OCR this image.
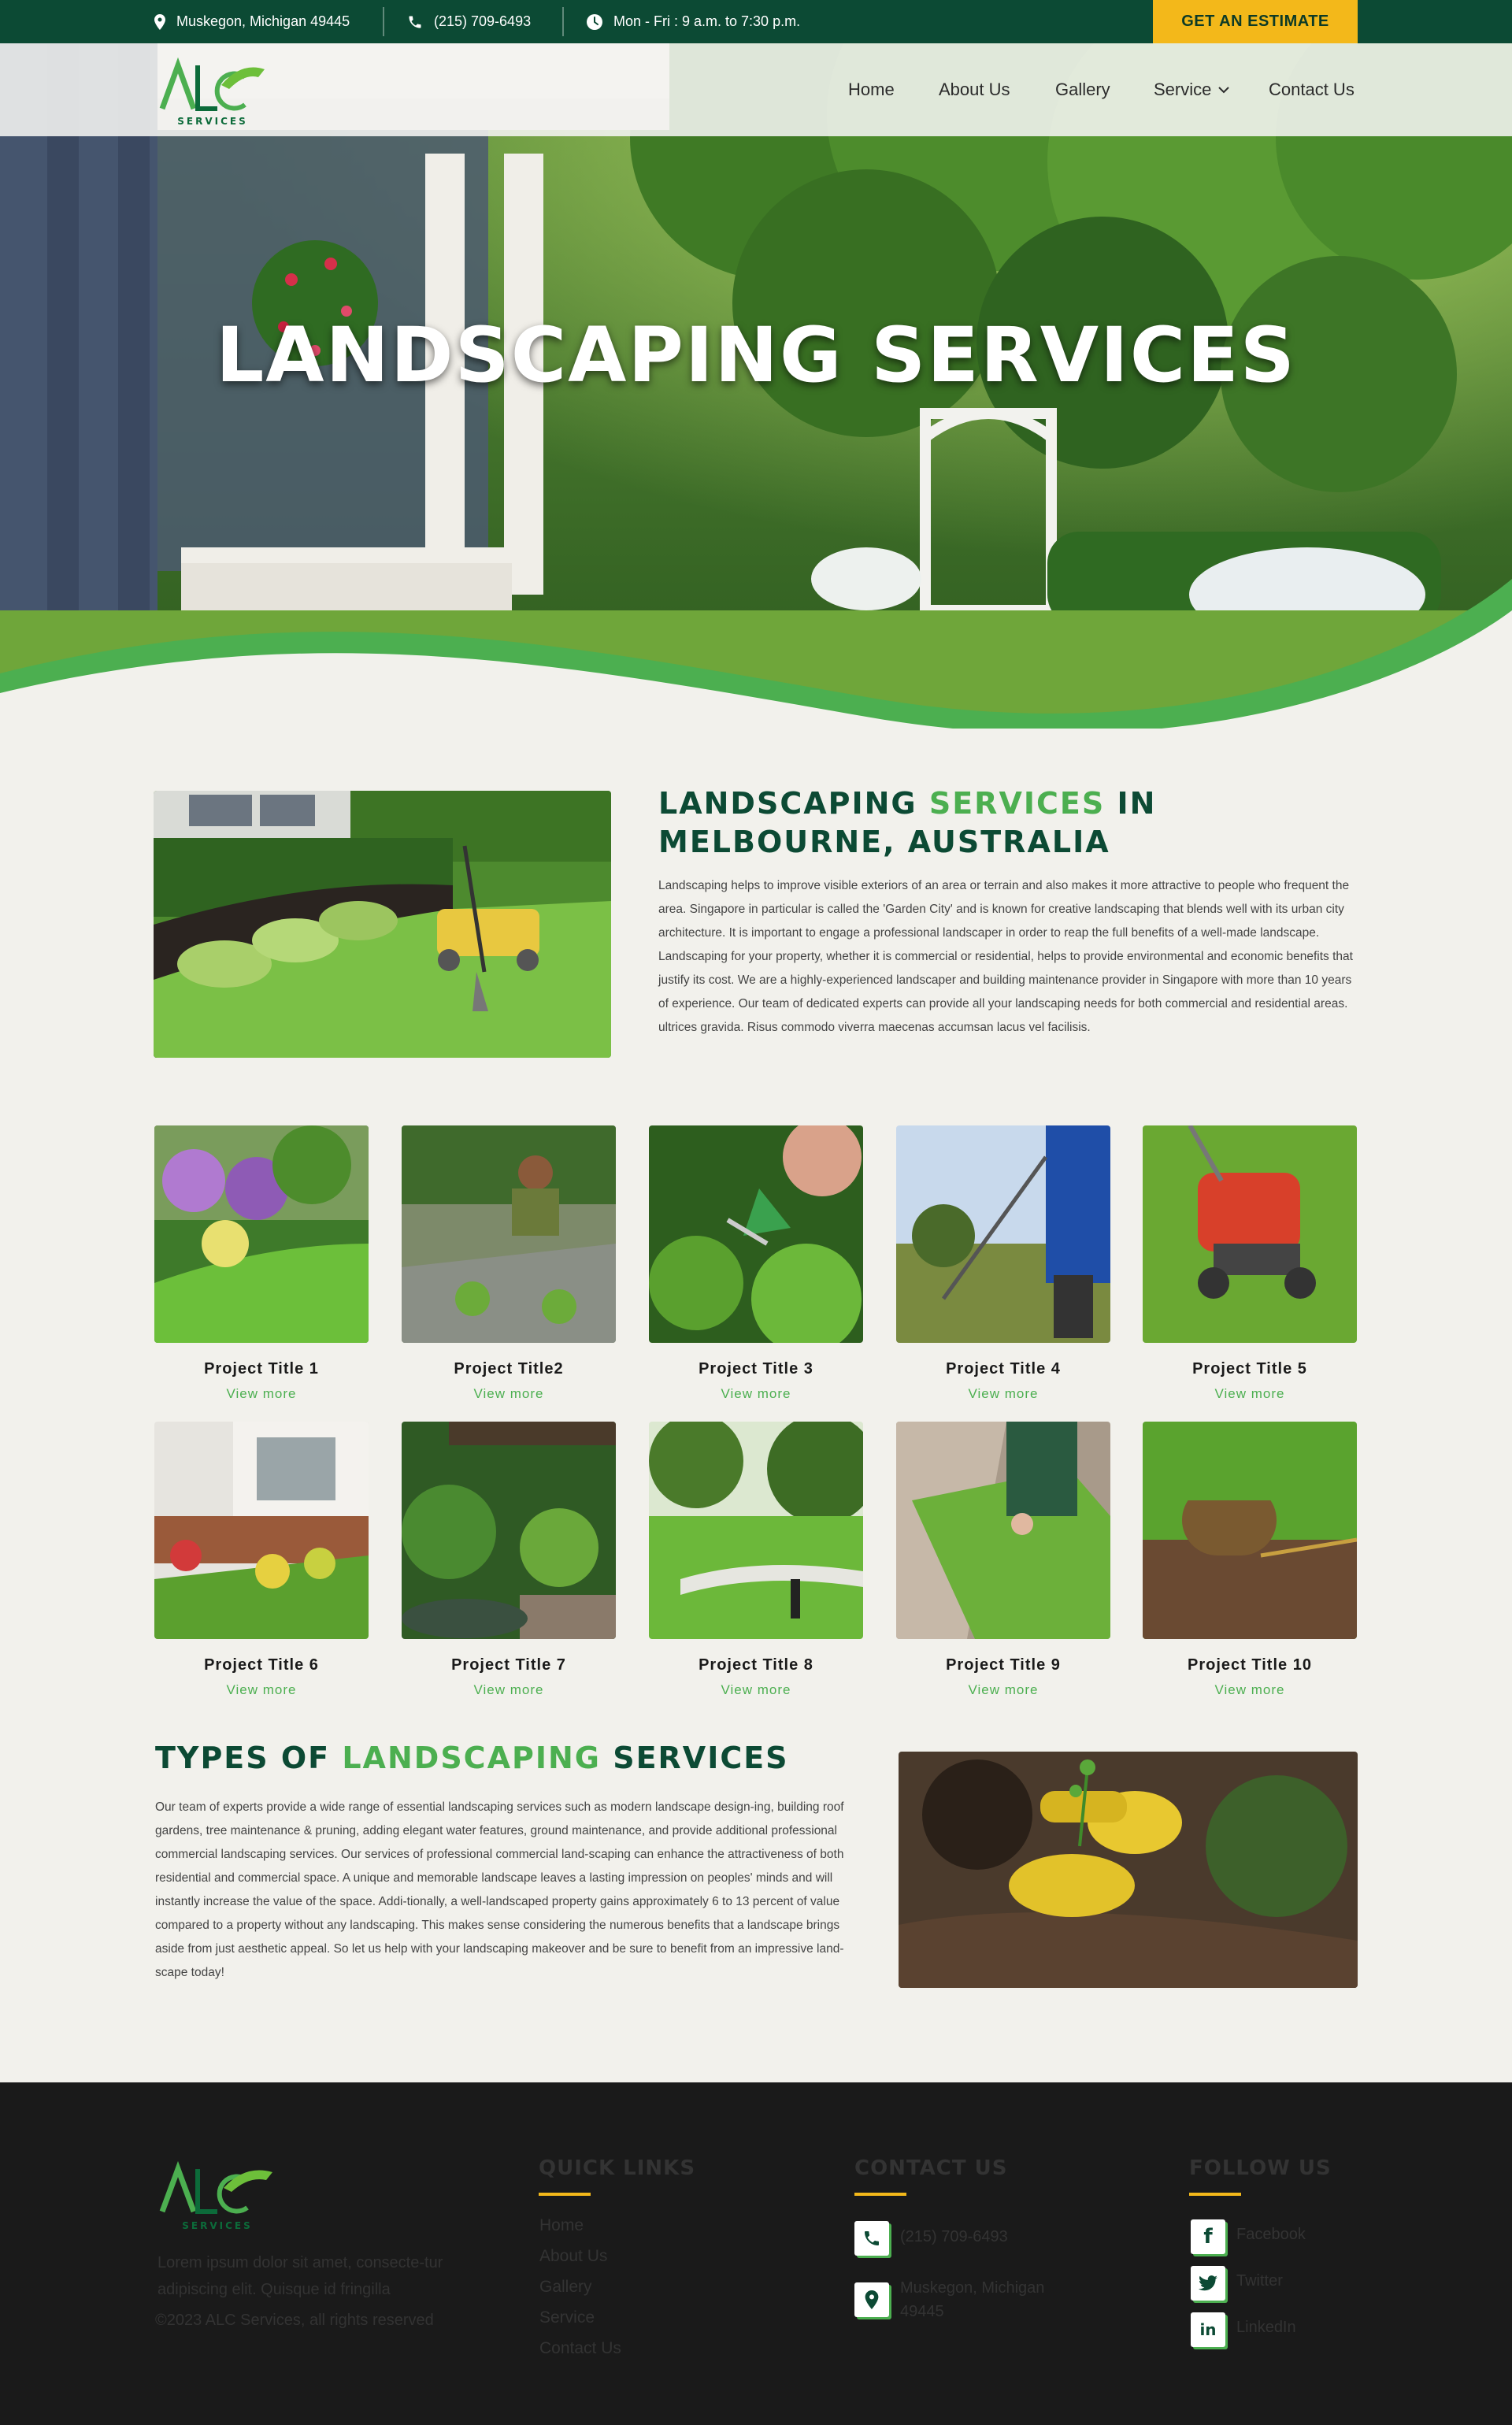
Muskegon, Michigan 49445	(215) 709-6493	Mon - Fri : 9 a.m. to 7:30 p.m.	GET AN ESTIMATE
SERVICES
Home	About Us	Gallery	Service	Contact Us
LANDSCAPING SERVICES
LANDSCAPING SERVICES IN
MELBOURNE, AUSTRALIA
Landscaping helps to improve visible exteriors of an area or terrain and also makes it more attractive to people who frequent the area. Singapore in particular is called the 'Garden City' and is known for creative landscaping that blends well with its urban city architecture. It is important to engage a professional landscaper in order to reap the full benefits of a well-made landscape. Landscaping for your property, whether it is commercial or residential, helps to provide environmental and economic benefits that justify its cost. We are a highly-experienced landscaper and building maintenance provider in Singapore with more than 10 years of experience. Our team of dedicated experts can provide all your landscaping needs for both commercial and residential areas. ultrices gravida. Risus commodo viverra maecenas accumsan lacus vel facilisis.
Project Title 1
View more
Project Title2
View more
Project Title 3
View more
Project Title 4
View more
Project Title 5
View more
Project Title 6
View more
Project Title 7
View more
Project Title 8
View more
Project Title 9
View more
Project Title 10
View more
TYPES OF LANDSCAPING SERVICES
Our team of experts provide a wide range of essential landscaping services such as modern landscape design-ing, building roof gardens, tree maintenance & pruning, adding elegant water features, ground maintenance, and provide additional professional commercial landscaping services. Our services of professional commercial land-scaping can enhance the attractiveness of both residential and commercial space. A unique and memorable landscape leaves a lasting impression on peoples' minds and will instantly increase the value of the space. Addi-tionally, a well-landscaped property gains approximately 6 to 13 percent of value compared to a property without any landscaping. This makes sense considering the numerous benefits that a landscape brings aside from just aesthetic appeal. So let us help with your landscaping makeover and be sure to benefit from an impressive land-scape today!
SERVICES
Lorem ipsum dolor sit amet, consecte-tur adipiscing elit. Quisque id fringilla
©2023 ALC Services, all rights reserved
QUICK LINKS
Home
About Us
Gallery
Service
Contact Us
CONTACT US
(215) 709-6493
Muskegon, Michigan
49445
FOLLOW US
f Facebook
Twitter
in LinkedIn
